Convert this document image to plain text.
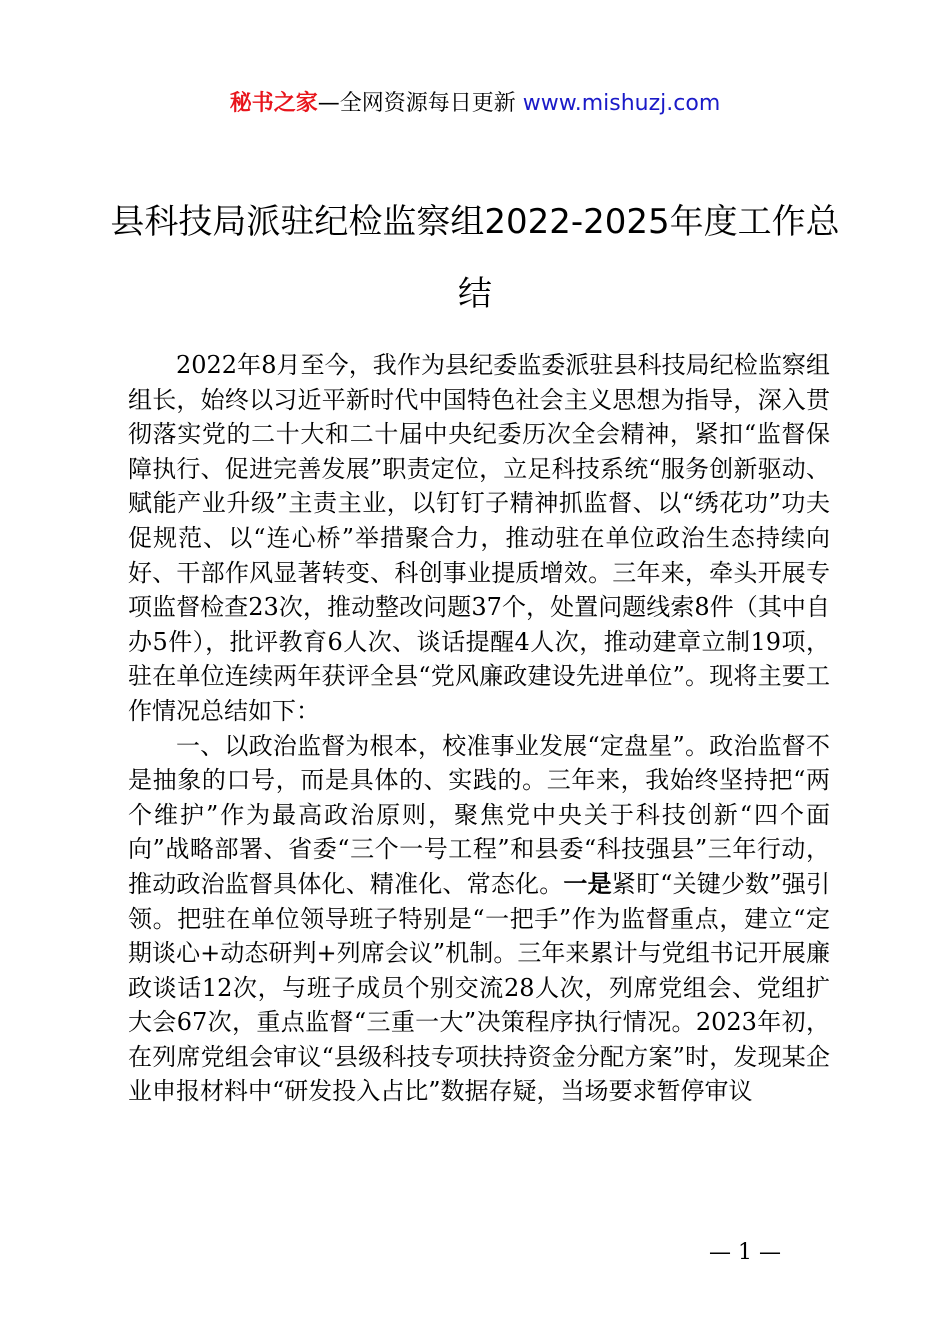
秘书之家—全网资源每日更新 www.mishuzj.com
县科技局派驻纪检监察组2022-2025年度工作总结

2022年8月至今，我作为县纪委监委派驻县科技局纪检监察组组长，始终以习近平新时代中国特色社会主义思想为指导，深入贯彻落实党的二十大和二十届中央纪委历次全会精神，紧扣“监督保障执行、促进完善发展”职责定位，立足科技系统“服务创新驱动、赋能产业升级”主责主业，以钉钉子精神抓监督、以“绣花功”功夫促规范、以“连心桥”举措聚合力，推动驻在单位政治生态持续向好、干部作风显著转变、科创事业提质增效。三年来，牵头开展专项监督检查23次，推动整改问题37个，处置问题线索8件（其中自办5件），批评教育6人次、谈话提醒4人次，推动建章立制19项，驻在单位连续两年获评全县“党风廉政建设先进单位”。现将主要工作情况总结如下：

一、以政治监督为根本，校准事业发展“定盘星”。政治监督不是抽象的口号，而是具体的、实践的。三年来，我始终坚持把“两个维护”作为最高政治原则，聚焦党中央关于科技创新“四个面向”战略部署、省委“三个一号工程”和县委“科技强县”三年行动，推动政治监督具体化、精准化、常态化。一是紧盯“关键少数”强引领。把驻在单位领导班子特别是“一把手”作为监督重点，建立“定期谈心+动态研判+列席会议”机制。三年来累计与党组书记开展廉政谈话12次，与班子成员个别交流28人次，列席党组会、党组扩大会67次，重点监督“三重一大”决策程序执行情况。2023年初，在列席党组会审议“县级科技专项扶持资金分配方案”时，发现某企业申报材料中“研发投入占比”数据存疑，当场要求暂停审议

— 1 —
